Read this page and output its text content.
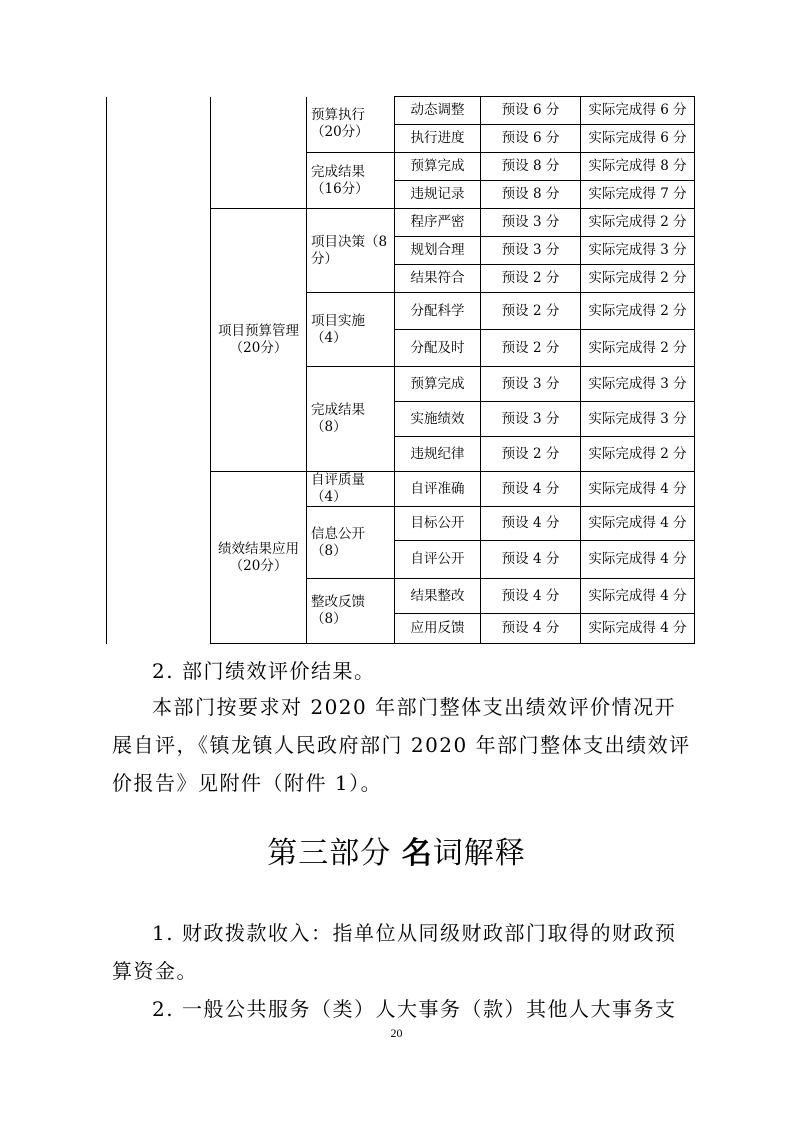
		预算执行（20分）	动态调整	预设 6 分	实际完成得 6 分
			执行进度	预设 6 分	实际完成得 6 分
		完成结果（16分）	预算完成	预设 8 分	实际完成得 8 分
			违规记录	预设 8 分	实际完成得 7 分
	项目预算管理（20分）	项目决策（8分）	程序严密	预设 3 分	实际完成得 2 分
			规划合理	预设 3 分	实际完成得 3 分
			结果符合	预设 2 分	实际完成得 2 分
		项目实施（4）	分配科学	预设 2 分	实际完成得 2 分
			分配及时	预设 2 分	实际完成得 2 分
		完成结果（8）	预算完成	预设 3 分	实际完成得 3 分
			实施绩效	预设 3 分	实际完成得 3 分
			违规纪律	预设 2 分	实际完成得 2 分
	绩效结果应用（20分）	自评质量（4）	自评准确	预设 4 分	实际完成得 4 分
		信息公开（8）	目标公开	预设 4 分	实际完成得 4 分
			自评公开	预设 4 分	实际完成得 4 分
		整改反馈（8）	结果整改	预设 4 分	实际完成得 4 分
			应用反馈	预设 4 分	实际完成得 4 分

2. 部门绩效评价结果。

本部门按要求对 2020 年部门整体支出绩效评价情况开展自评，《镇龙镇人民政府部门 2020 年部门整体支出绩效评价报告》见附件（附件 1）。

第三部分 名词解释

1. 财政拨款收入：指单位从同级财政部门取得的财政预算资金。

2. 一般公共服务（类）人大事务（款）其他人大事务支

20
